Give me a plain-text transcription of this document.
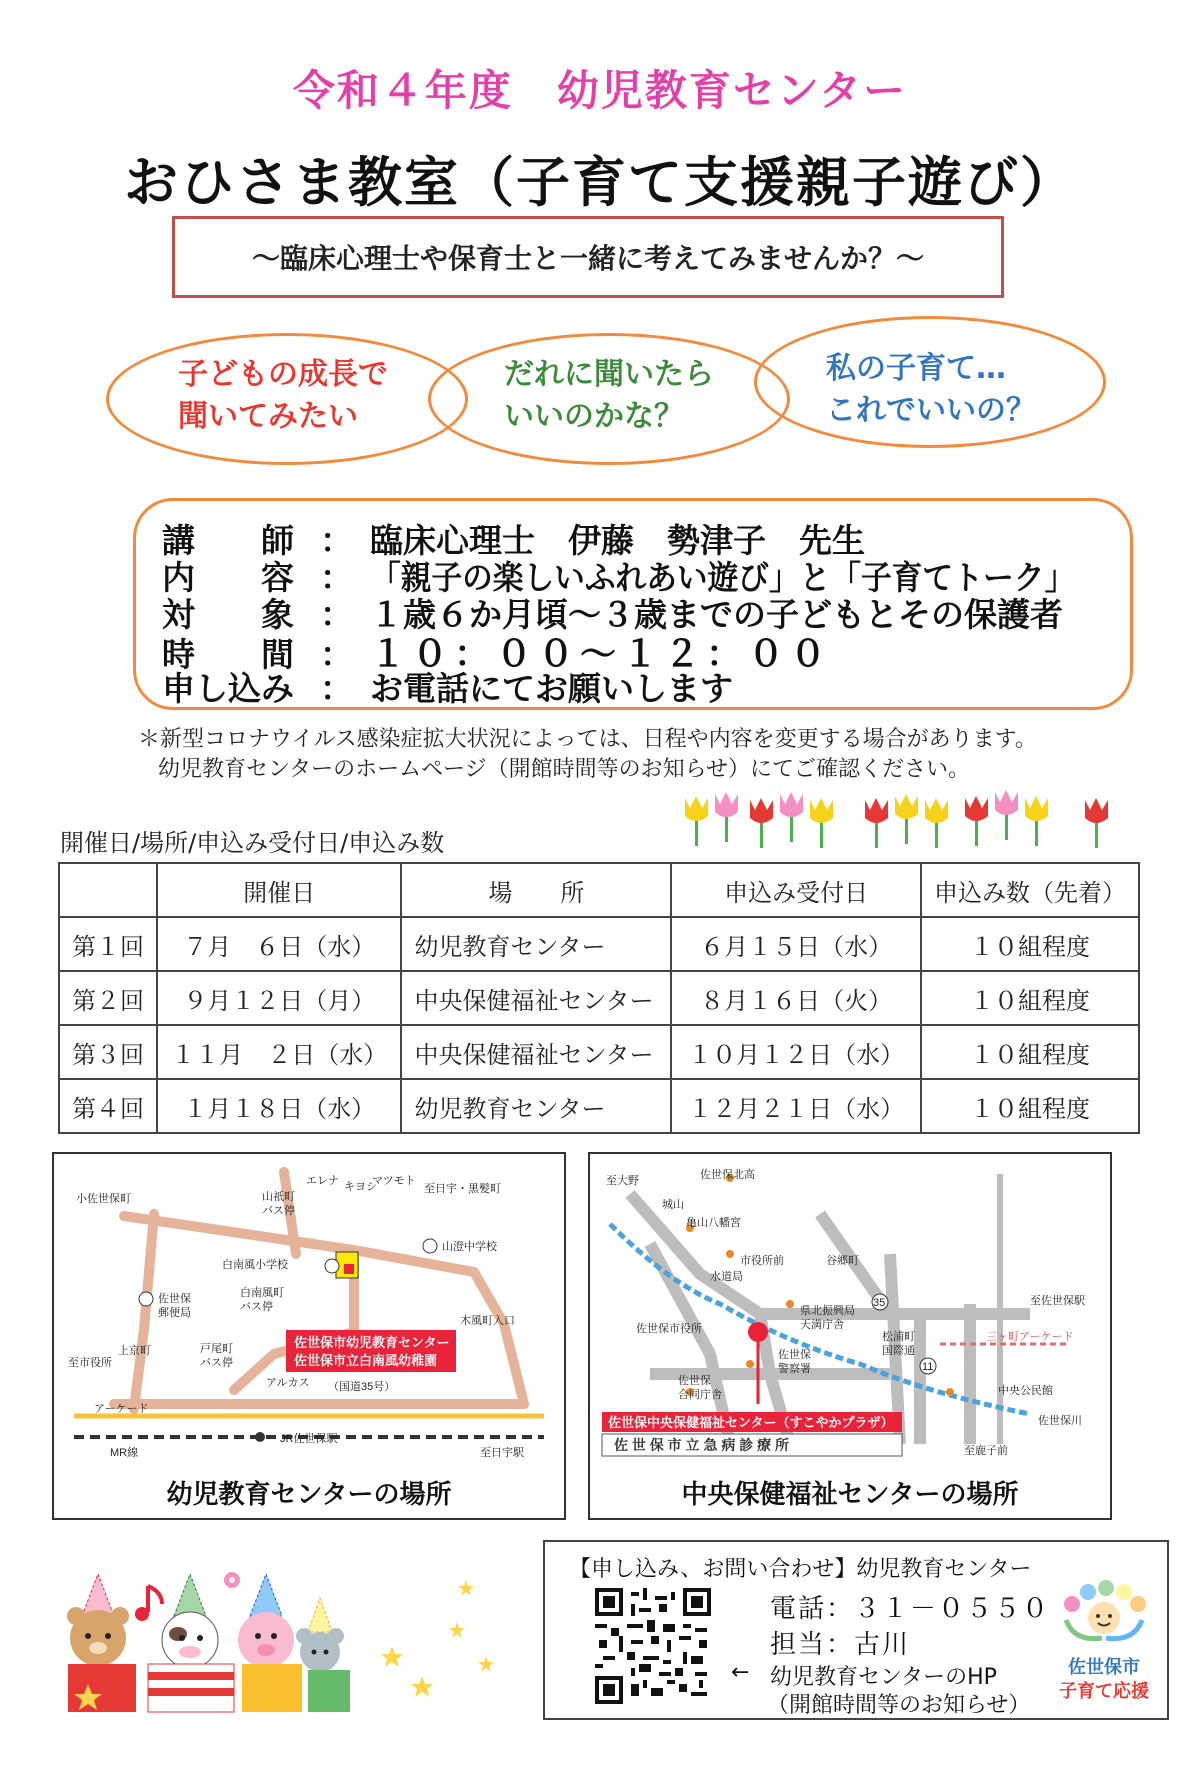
令和４年度　幼児教育センター
おひさま教室（子育て支援親子遊び）
～臨床心理士や保育士と一緒に考えてみませんか？～
子どもの成長で
聞いてみたい
だれに聞いたら
いいのかな？
私の子育て…
これでいいの？
講　　師 ： 臨床心理士　伊藤　勢津子　先生
内　　容 ： 「親子の楽しいふれあい遊び」と「子育てトーク」
対　　象 ： １歳６か月頃～３歳までの子どもとその保護者
時　　間 ： １０：００～１２：００
申し込み ： お電話にてお願いします
＊新型コロナウイルス感染症拡大状況によっては、日程や内容を変更する場合があります。
幼児教育センターのホームページ（開館時間等のお知らせ）にてご確認ください。
開催日/場所/申込み受付日/申込み数
	開催日	場　　所	申込み受付日	申込み数（先着）
第１回	７月　６日（水）	幼児教育センター	６月１５日（水）	１０組程度
第２回	９月１２日（月）	中央保健福祉センター	８月１６日（火）	１０組程度
第３回	１１月　２日（水）	中央保健福祉センター	１０月１２日（水）	１０組程度
第４回	１月１８日（水）	幼児教育センター	１２月２１日（水）	１０組程度
小佐世保町	山祇町
バス停
至日宇・黒髪町
エレナ キヨシ
マツモト
山澄中学校
白南風小学校
白南風町
バス停
佐世保
郵便局
木風町入口
上京町
至市役所
戸尾町
バス停
アルカス （国道35号）
アーケード
JR佐世保駅
MR線	至日宇駅
佐世保市幼児教育センター
佐世保市立白南風幼稚園
幼児教育センターの場所
至大野	佐世保北高
城山
亀山八幡宮
市役所前	谷郷町
水道局
35	至佐世保駅
県北振興局
天満庁舎
松浦町
国際通
11
佐世保市役所
三ヶ町アーケード
佐世保
警察署
佐世保
合同庁舎	中央公民館
佐世保川
至鹿子前
佐世保中央保健福祉センター（すこやかプラザ）
佐 世 保 市 立 急 病 診 療 所
中央保健福祉センターの場所
【申し込み、お問い合わせ】幼児教育センター
電話：３１－０５５０
担当：古川
← 幼児教育センターのHP
（開館時間等のお知らせ）
佐世保市
子育て応援
